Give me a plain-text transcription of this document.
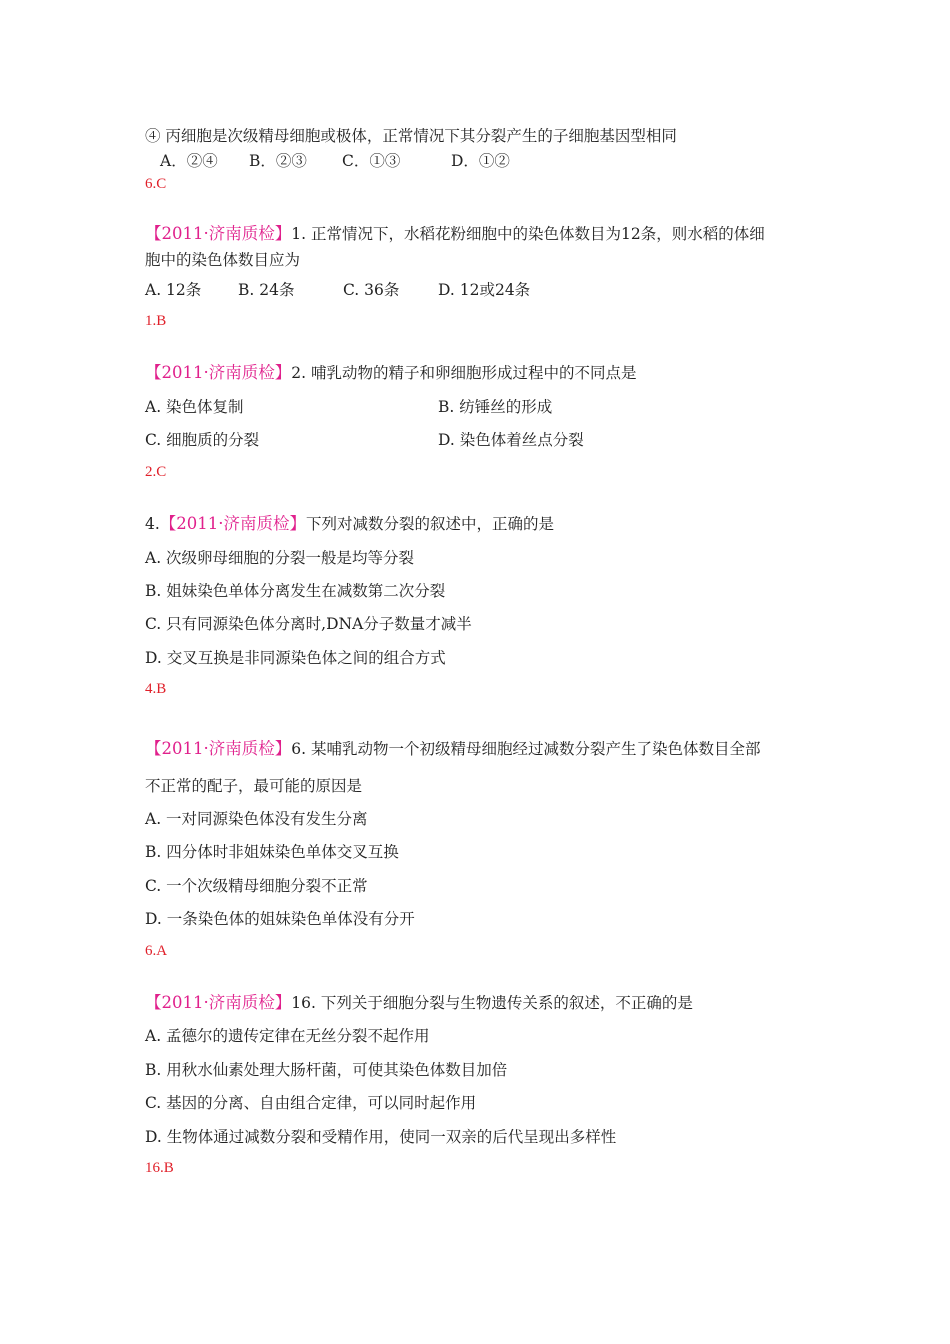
④ 丙细胞是次级精母细胞或极体，正常情况下其分裂产生的子细胞基因型相同
A．②④ B．②③ C．①③	D．①②
6.C
【2011·济南质检】1. 正常情况下，水稻花粉细胞中的染色体数目为12条，则水稻的体细
胞中的染色体数目应为
A. 12条 B. 24条	C. 36条 D. 12或24条
1.B
【2011·济南质检】2. 哺乳动物的精子和卵细胞形成过程中的不同点是
A. 染色体复制	B. 纺锤丝的形成
C. 细胞质的分裂	D. 染色体着丝点分裂
2.C
4.【2011·济南质检】下列对减数分裂的叙述中，正确的是
A. 次级卵母细胞的分裂一般是均等分裂
B. 姐妹染色单体分离发生在减数第二次分裂
C. 只有同源染色体分离时,DNA分子数量才减半
D. 交叉互换是非同源染色体之间的组合方式
4.B
【2011·济南质检】6. 某哺乳动物一个初级精母细胞经过减数分裂产生了染色体数目全部
不正常的配子，最可能的原因是
A. 一对同源染色体没有发生分离
B. 四分体时非姐妹染色单体交叉互换
C. 一个次级精母细胞分裂不正常
D. 一条染色体的姐妹染色单体没有分开
6.A
【2011·济南质检】16. 下列关于细胞分裂与生物遗传关系的叙述，不正确的是
A. 孟德尔的遗传定律在无丝分裂不起作用
B. 用秋水仙素处理大肠杆菌，可使其染色体数目加倍
C. 基因的分离、自由组合定律，可以同时起作用
D. 生物体通过减数分裂和受精作用，使同一双亲的后代呈现出多样性
16.B
